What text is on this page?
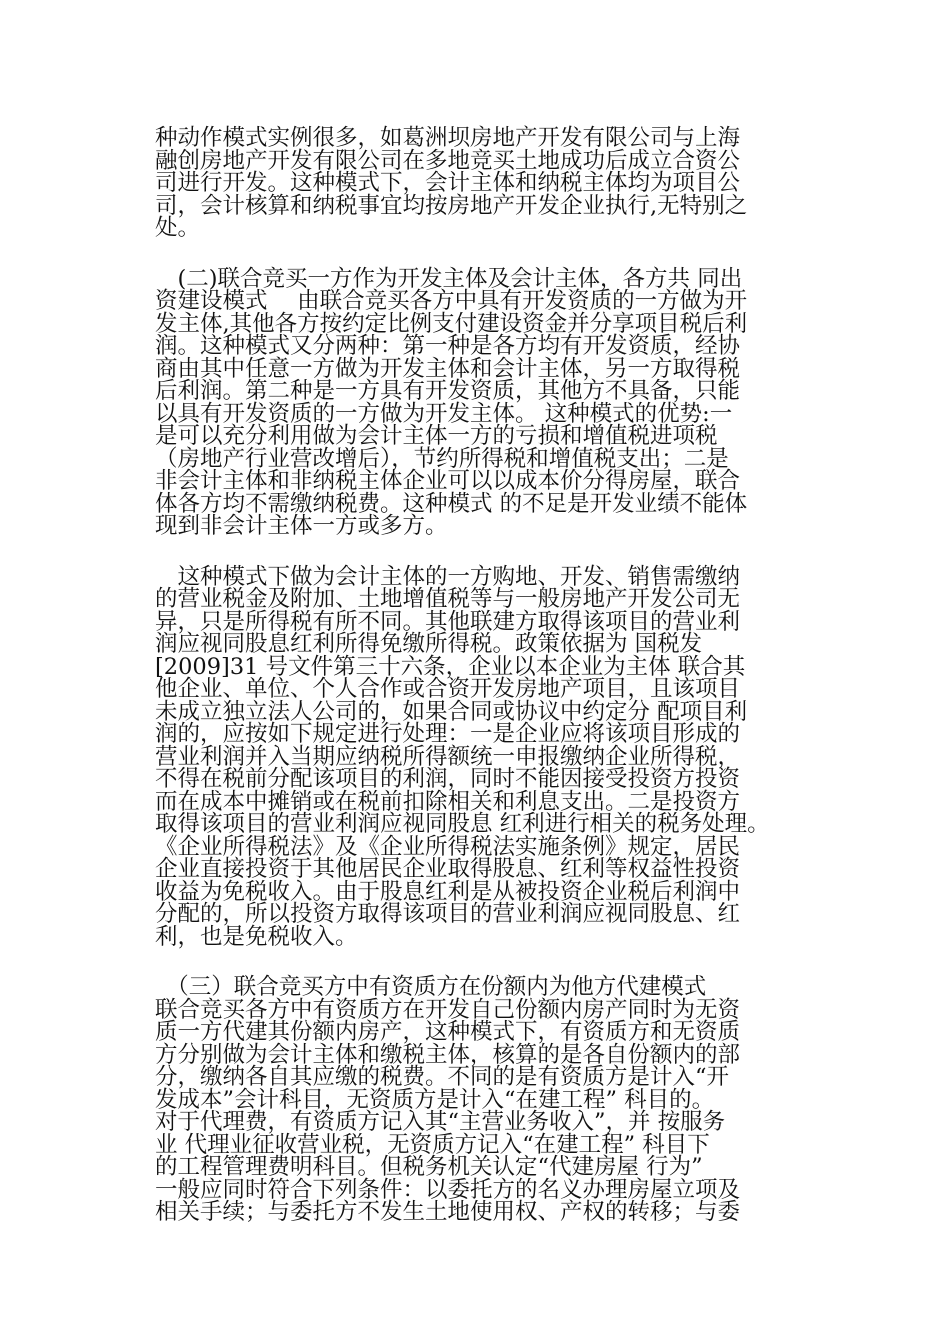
种动作模式实例很多，如葛洲坝房地产开发有限公司与上海
融创房地产开发有限公司在多地竞买土地成功后成立合资公
司进行开发。这种模式下，会计主体和纳税主体均为项目公
司，会计核算和纳税事宜均按房地产开发企业执行,无特别之
处。
　(二)联合竞买一方作为开发主体及会计主体，各方共 同出
资建设模式　 由联合竞买各方中具有开发资质的一方做为开
发主体,其他各方按约定比例支付建设资金并分享项目税后利
润。这种模式又分两种：第一种是各方均有开发资质，经协
商由其中任意一方做为开发主体和会计主体，另一方取得税
后利润。第二种是一方具有开发资质，其他方不具备，只能
以具有开发资质的一方做为开发主体。 这种模式的优势:一
是可以充分利用做为会计主体一方的亏损和增值税进项税
（房地产行业营改增后），节约所得税和增值税支出；二是
非会计主体和非纳税主体企业可以以成本价分得房屋，联合
体各方均不需缴纳税费。这种模式 的不足是开发业绩不能体
现到非会计主体一方或多方。
　这种模式下做为会计主体的一方购地、开发、销售需缴纳
的营业税金及附加、土地增值税等与一般房地产开发公司无
异，只是所得税有所不同。其他联建方取得该项目的营业利
润应视同股息红利所得免缴所得税。政策依据为 国税发
[2009]31 号文件第三十六条，企业以本企业为主体 联合其
他企业、单位、个人合作或合资开发房地产项目，且该项目
未成立独立法人公司的，如果合同或协议中约定分 配项目利
润的，应按如下规定进行处理：一是企业应将该项目形成的
营业利润并入当期应纳税所得额统一申报缴纳企业所得税，
不得在税前分配该项目的利润，同时不能因接受投资方投资
而在成本中摊销或在税前扣除相关和利息支出。二是投资方
取得该项目的营业利润应视同股息 红利进行相关的税务处理。
《企业所得税法》及《企业所得税法实施条例》规定，居民
企业直接投资于其他居民企业取得股息、红利等权益性投资
收益为免税收入。由于股息红利是从被投资企业税后利润中
分配的，所以投资方取得该项目的营业利润应视同股息、红
利，也是免税收入。
　（三）联合竞买方中有资质方在份额内为他方代建模式
联合竞买各方中有资质方在开发自己份额内房产同时为无资
质一方代建其份额内房产，这种模式下，有资质方和无资质
方分别做为会计主体和缴税主体，核算的是各自份额内的部
分，缴纳各自其应缴的税费。不同的是有资质方是计入“开
发成本”会计科目，无资质方是计入“在建工程” 科目的。
对于代理费，有资质方记入其“主营业务收入”，并 按服务
业 代理业征收营业税，无资质方记入“在建工程” 科目下
的工程管理费明科目。但税务机关认定“代建房屋 行为”
一般应同时符合下列条件：以委托方的名义办理房屋立项及
相关手续；与委托方不发生土地使用权、产权的转移；与委
